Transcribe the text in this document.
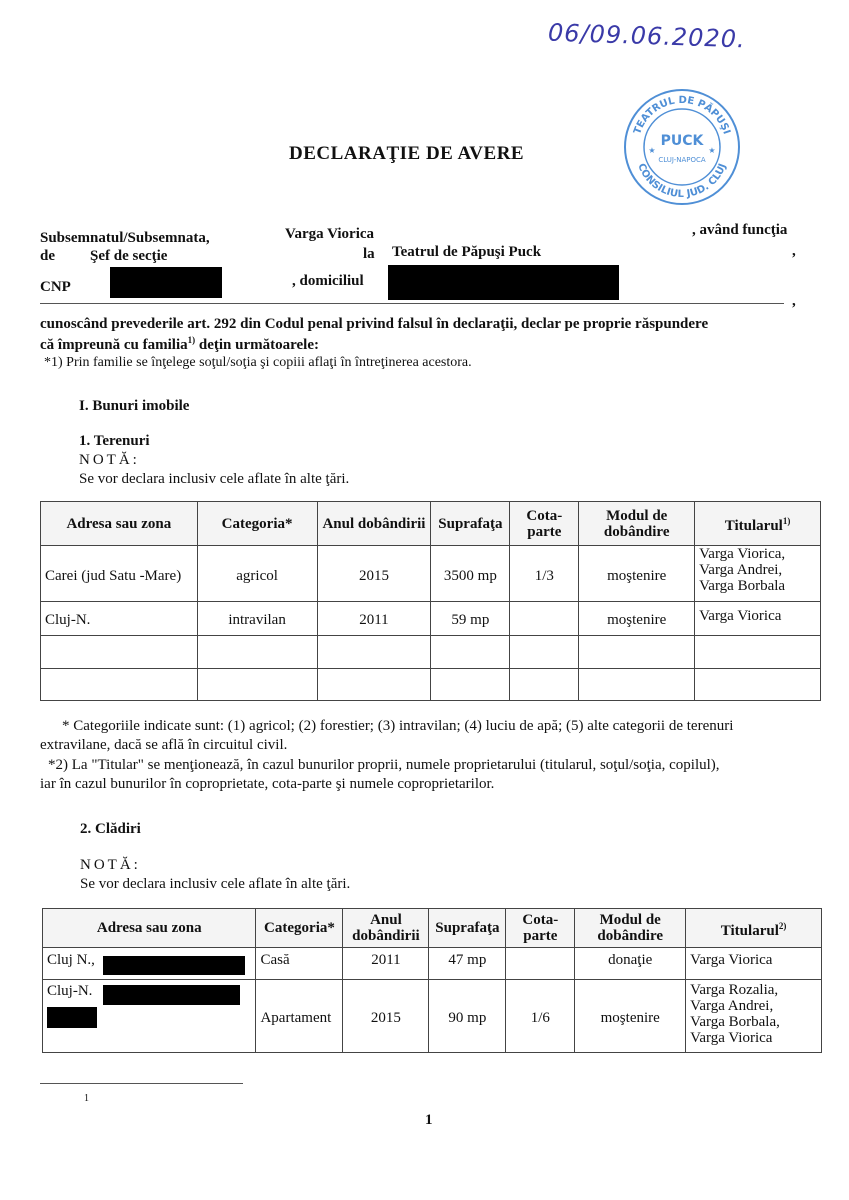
06/09.06.2020.
TEATRUL DE PĂPUŞI
CONSILIUL JUD. CLUJ
PUCK
CLUJ-NAPOCA
★	★
DECLARAŢIE DE AVERE
Subsemnatul/Subsemnata,	Varga Viorica	, având funcţia
de Şef de secţie	la Teatrul de Păpuşi Puck	,
CNP	, domiciliul
,
cunoscând prevederile art. 292 din Codul penal privind falsul în declaraţii, declar pe proprie răspundere
că împreună cu familia$^{1)}$ deţin următoarele:
*1) Prin familie se înţelege soţul/soţia şi copiii aflaţi în întreţinerea acestora.
I. Bunuri imobile
1. Terenuri
NOTĂ:
Se vor declara inclusiv cele aflate în alte ţări.
Adresa sau zona	Categoria*	Anul dobândirii	Suprafaţa	Cota-parte	Modul de dobândire	Titularul$^{1)}$
Carei (jud Satu -Mare)	agricol	2015	3500 mp	1/3	moştenire	Varga Viorica,
Varga Andrei,
Varga Borbala

Cluj-N.	intravilan	2011	59 mp		moştenire	Varga Viorica

* Categoriile indicate sunt: (1) agricol; (2) forestier; (3) intravilan; (4) luciu de apă; (5) alte categorii de terenuri
extravilane, dacă se află în circuitul civil.
*2) La "Titular" se menţionează, în cazul bunurilor proprii, numele proprietarului (titularul, soţul/soţia, copilul),
iar în cazul bunurilor în coproprietate, cota-parte şi numele coproprietarilor.
2. Clădiri
NOTĂ:
Se vor declara inclusiv cele aflate în alte ţări.
Adresa sau zona	Categoria*	Anul dobândirii	Suprafaţa	Cota-parte	Modul de dobândire	Titularul$^{2)}$
Cluj N.,	Casă	2011	47 mp		donaţie	Varga Viorica

Cluj-N.	Apartament	2015	90 mp	1/6	moştenire	Varga Rozalia,
Varga Andrei,
Varga Borbala,
Varga Viorica
1
1
